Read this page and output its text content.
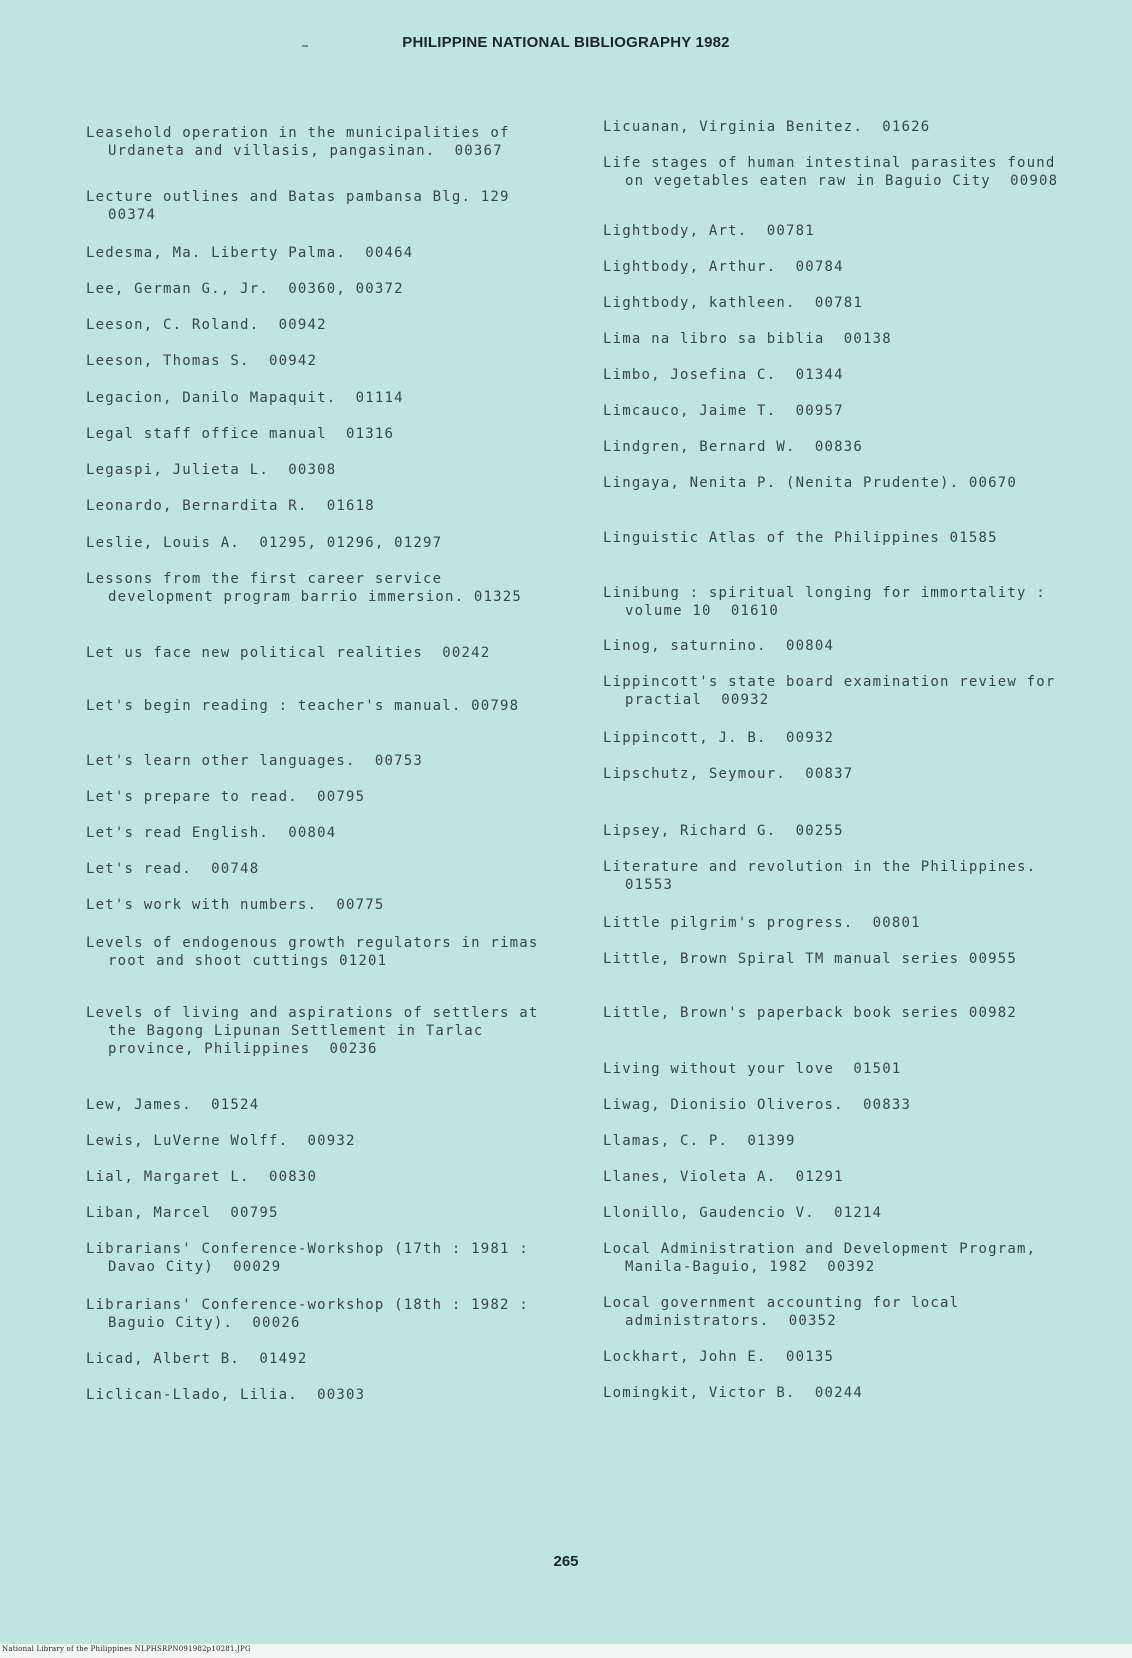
PHILIPPINE NATIONAL BIBLIOGRAPHY 1982
Leasehold operation in the municipalities of Urdaneta and villasis, pangasinan.  00367
Lecture outlines and Batas pambansa Blg. 129  00374
Ledesma, Ma. Liberty Palma.  00464
Lee, German G., Jr.  00360, 00372
Leeson, C. Roland.  00942
Leeson, Thomas S.  00942
Legacion, Danilo Mapaquit.  01114
Legal staff office manual  01316
Legaspi, Julieta L.  00308
Leonardo, Bernardita R.  01618
Leslie, Louis A.  01295, 01296, 01297
Lessons from the first career service development program barrio immersion. 01325
Let us face new political realities  00242
Let's begin reading : teacher's manual. 00798
Let's learn other languages.  00753
Let's prepare to read.  00795
Let's read English.  00804
Let's read.  00748
Let's work with numbers.  00775
Levels of endogenous growth regulators in rimas root and shoot cuttings 01201
Levels of living and aspirations of settlers at the Bagong Lipunan Settlement in Tarlac province, Philippines  00236
Lew, James.  01524
Lewis, LuVerne Wolff.  00932
Lial, Margaret L.  00830
Liban, Marcel  00795
Librarians' Conference-Workshop (17th : 1981 : Davao City)  00029
Librarians' Conference-workshop (18th : 1982 : Baguio City).  00026
Licad, Albert B.  01492
Liclican-Llado, Lilia.  00303
Licuanan, Virginia Benitez.  01626
Life stages of human intestinal parasites found on vegetables eaten raw in Baguio City  00908
Lightbody, Art.  00781
Lightbody, Arthur.  00784
Lightbody, kathleen.  00781
Lima na libro sa biblia  00138
Limbo, Josefina C.  01344
Limcauco, Jaime T.  00957
Lindgren, Bernard W.  00836
Lingaya, Nenita P. (Nenita Prudente). 00670
Linguistic Atlas of the Philippines 01585
Linibung : spiritual longing for immortality : volume 10  01610
Linog, saturnino.  00804
Lippincott's state board examination review for practial  00932
Lippincott, J. B.  00932
Lipschutz, Seymour.  00837
Lipsey, Richard G.  00255
Literature and revolution in the Philippines.  01553
Little pilgrim's progress.  00801
Little, Brown Spiral TM manual series 00955
Little, Brown's paperback book series 00982
Living without your love  01501
Liwag, Dionisio Oliveros.  00833
Llamas, C. P.  01399
Llanes, Violeta A.  01291
Llonillo, Gaudencio V.  01214
Local Administration and Development Program, Manila-Baguio, 1982  00392
Local government accounting for local administrators.  00352
Lockhart, John E.  00135
Lomingkit, Victor B.  00244
265
National Library of the Philippines NLPHSRPN091982p10281.JPG
